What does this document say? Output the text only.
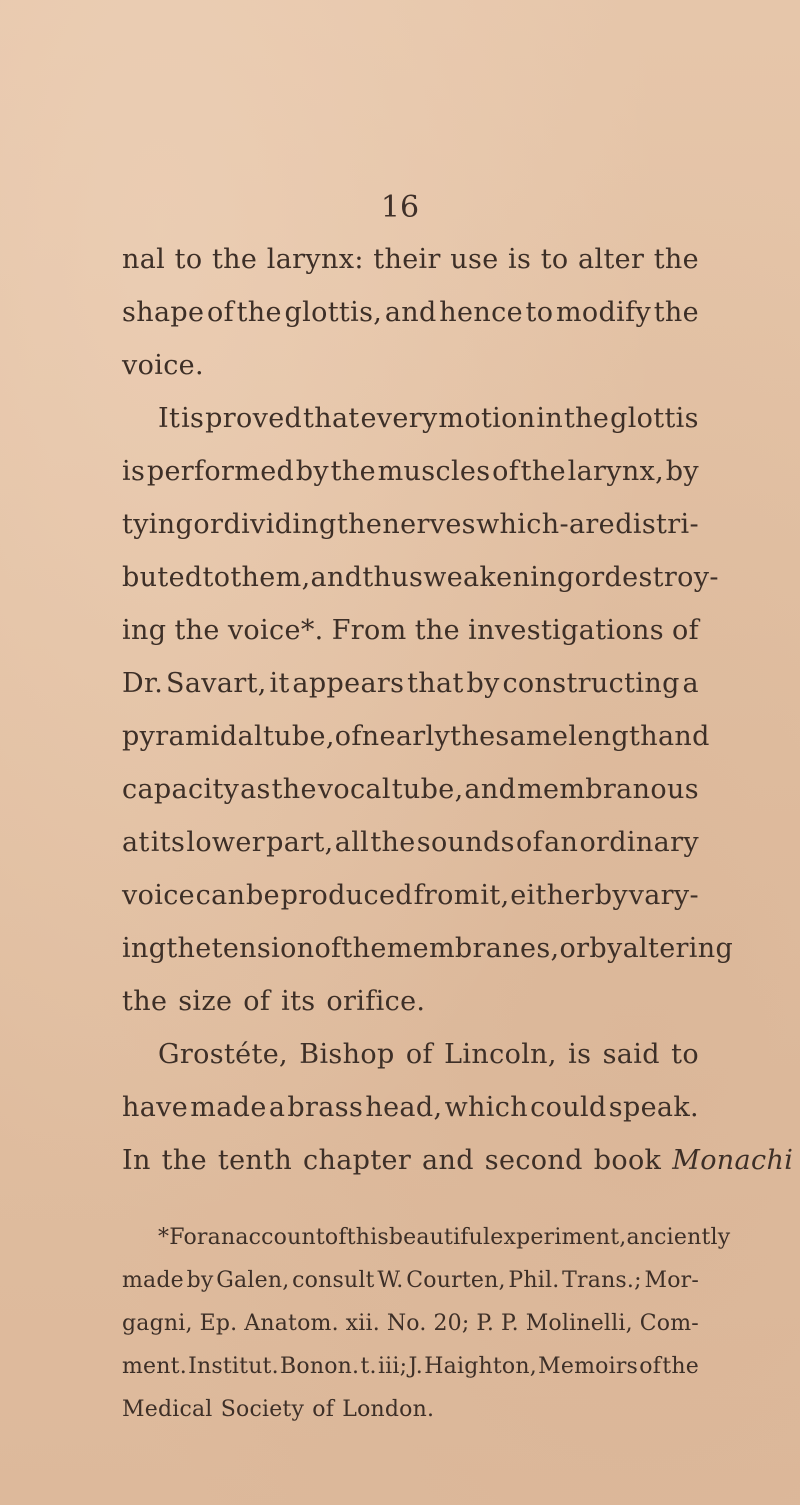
16
nal to the larynx: their use is to alter the
shape of the glottis, and hence to modify the
voice.
It is proved that every motion in the glottis
is performed by the muscles of the larynx, by
tying or dividing the nerves which-are distri-
buted to them, and thus weakening or destroy-
ing the voice*. From the investigations of
Dr. Savart, it appears that by constructing a
pyramidal tube, of nearly the same length and
capacity as the vocal tube, and membranous
at its lower part, all the sounds of an ordinary
voice can be produced from it, either by vary-
ing the tension of the membranes, or by altering
the size of its orifice.
Grostéte, Bishop of Lincoln, is said to
have made a brass head, which could speak.
In the tenth chapter and second book Monachi
* For an account of this beautiful experiment, anciently
made by Galen, consult W. Courten, Phil. Trans.; Mor-
gagni, Ep. Anatom. xii. No. 20; P. P. Molinelli, Com-
ment. Institut. Bonon. t. iii; J. Haighton, Memoirs of the
Medical Society of London.
